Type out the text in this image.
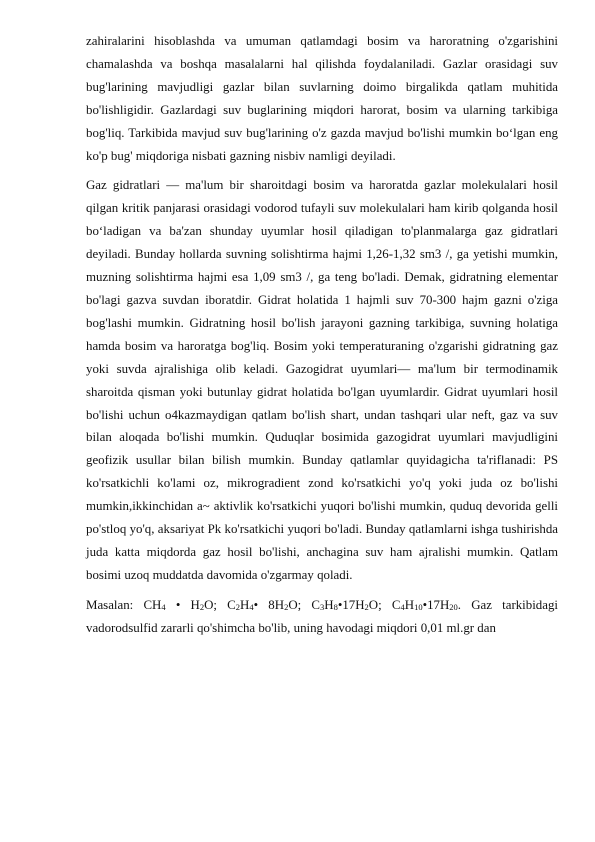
zahiralarini hisoblashda va umuman qatlamdagi bosim va haroratning o'zgarishini chamalashda va boshqa masalalarni hal qilishda foydalaniladi. Gazlar orasidagi suv bug'larining mavjudligi gazlar bilan suvlarning doimo birgalikda qatlam muhitida bo'lishligidir. Gazlardagi suv buglarining miqdori harorat, bosim va ularning tarkibiga bog'liq. Tarkibida mavjud suv bug'larining o'z gazda mavjud bo'lishi mumkin bo‘lgan eng ko'p bug' miqdoriga nisbati gazning nisbiv namligi deyiladi.

Gaz gidratlari — ma'lum bir sharoitdagi bosim va haroratda gazlar molekulalari hosil qilgan kritik panjarasi orasidagi vodorod tufayli suv molekulalari ham kirib qolganda hosil bo‘ladigan va ba'zan shunday uyumlar hosil qiladigan to'planmalarga gaz gidratlari deyiladi. Bunday hollarda suvning solishtirma hajmi 1,26-1,32 sm3 /, ga yetishi mumkin, muzning solishtirma hajmi esa 1,09 sm3 /, ga teng bo'ladi. Demak, gidratning elementar bo'lagi gazva suvdan iboratdir. Gidrat holatida 1 hajmli suv 70-300 hajm gazni o'ziga bog'lashi mumkin. Gidratning hosil bo'lish jarayoni gazning tarkibiga, suvning holatiga hamda bosim va haroratga bog'liq. Bosim yoki temperaturaning o'zgarishi gidratning gaz yoki suvda ajralishiga olib keladi. Gazogidrat uyumlari— ma'lum bir termodinamik sharoitda qisman yoki butunlay gidrat holatida bo'lgan uyumlardir. Gidrat uyumlari hosil bo'lishi uchun o4kazmaydigan qatlam bo'lish shart, undan tashqari ular neft, gaz va suv bilan aloqada bo'lishi mumkin. Quduqlar bosimida gazogidrat uyumlari mavjudligini geofizik usullar bilan bilish mumkin. Bunday qatlamlar quyidagicha ta'riflanadi: PS ko'rsatkichli ko'lami oz, mikrogradient zond ko'rsatkichi yo'q yoki juda oz bo'lishi mumkin,ikkinchidan a~ aktivlik ko'rsatkichi yuqori bo'lishi mumkin, quduq devorida gelli po'stloq yo'q, aksariyat Pk ko'rsatkichi yuqori bo'ladi. Bunday qatlamlarni ishga tushirishda juda katta miqdorda gaz hosil bo'lishi, anchagina suv ham ajralishi mumkin. Qatlam bosimi uzoq muddatda davomida o'zgarmay qoladi.

Masalan: $CH_4$ • $H_2O$; $C_2H_4•$ $8H_2O$; $C_3H_8•17H_2O$; $C_4H_{10}•17H_{20}$. Gaz tarkibidagi vadorodsulfid zararli qo'shimcha bo'lib, uning havodagi miqdori 0,01 ml.gr dan
